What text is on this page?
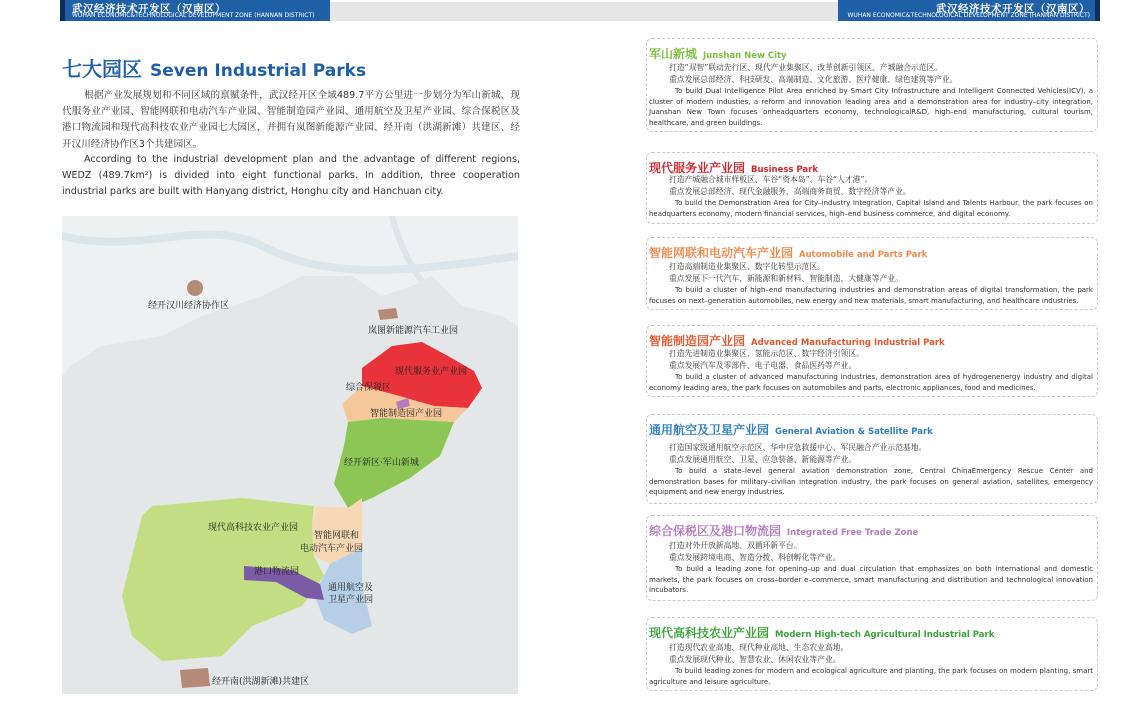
武汉经济技术开发区（汉南区）
WUHAN ECONOMIC&TECHNOLOGICAL DEVELOPMENT ZONE (HANNAN DISTRICT)
武汉经济技术开发区（汉南区）
WUHAN ECONOMIC&TECHNOLOGICAL DEVELOPMENT ZONE (HANNAN DISTRICT)
七大园区 Seven Industrial Parks
根据产业发展规划和不同区域的禀赋条件，武汉经开区全域489.7平方公里进一步划分为军山新城、现代服务业产业园、智能网联和电动汽车产业园、智能制造园产业园、通用航空及卫星产业园、综合保税区及港口物流园和现代高科技农业产业园七大园区，并拥有岚图新能源产业园、经开南（洪湖新滩）共建区、经开汉川经济协作区3个共建园区。
According to the industrial development plan and the advantage of different regions, WEDZ (489.7km²) is divided into eight functional parks. In addition, three cooperation industrial parks are built with Hanyang district, Honghu city and Hanchuan city.
经开汉川经济协作区
岚图新能源汽车工业园
现代服务业产业园
综合保税区
智能制造园产业园
经开新区·军山新城
现代高科技农业产业园
智能网联和
电动汽车产业园
港口物流园
通用航空及
卫星产业园
经开南(洪湖新滩)共建区
军山新城 Junshan New City
打造“双智”联动先行区、现代产业集聚区、改革创新引领区、产城融合示范区。
重点发展总部经济、科技研发、高端制造、文化旅游、医疗健康、绿色建筑等产业。
To build Dual Intelligence Pilot Area enriched by Smart City Infrastructure and Intelligent Connected Vehicles(ICV), a cluster of modern industies, a reform and innovation leading area and a demonstration area for industry–city integration, Juanshan New Town focuses onheadquarters economy, technologicalR&D, high–end manufacturing, cultural tourism, healthcare, and green buildings.
现代服务业产业园 Business Park
打造产城融合城市样板区、车谷“资本岛”、车谷“人才港”。
重点发展总部经济、现代金融服务、高端商务商贸、数字经济等产业。
To build the Demonstration Area for City–industry Integration, Capital Island and Talents Harbour, the park focuses on headquarters economy, modern financial services, high–end business commerce, and digital economy.
智能网联和电动汽车产业园 Automobile and Parts Park
打造高端制造业集聚区、数字化转型示范区。
重点发展下一代汽车、新能源和新材料、智能制造、大健康等产业。
To build a cluster of high–end manufacturing industries and demonstration areas of digital transformation, the park focuses on next–generation automobiles, new energy and new materials, smart manufacturing, and healthcare industries.
智能制造园产业园 Advanced Manufacturing Industrial Park
打造先进制造业集聚区、氢能示范区、数字经济引领区。
重点发展汽车及零部件、电子电器、食品医药等产业。
To build a cluster of advanced manufacturing industries, demonstration area of hydrogenenergy industry and digital economy leading area, the park focuses on automobiles and parts, electronic appliances, food and medicines.
通用航空及卫星产业园 General Aviation & Satellite Park
打造国家级通用航空示范区、华中应急救援中心、军民融合产业示范基地。
重点发展通用航空、卫星、应急装备、新能源等产业。
To build a state–level general aviation demonstration zone, Central ChinaEmergency Rescue Center and demonstration bases for military–civilian integration industry, the park focuses on general aviation, satellites, emergency equipment and new energy industries.
综合保税区及港口物流园 Integrated Free Trade Zone
打造对外开放新高地、双循环新平台。
重点发展跨境电商、智造分拨、科创孵化等产业。
To build a leading zone for opening–up and dual circulation that emphasizes on both international and domestic markets, the park focuses on cross–border e–commerce, smart manufacturing and distribution and technological innovation incubators.
现代高科技农业产业园 Modern High-tech Agricultural Industrial Park
打造现代农业高地、现代种业高地、生态农业高地。
重点发展现代种业、智慧农业、休闲农业等产业。
To build leading zones for modern and ecological agriculture and planting, the park focuses on modern planting, smart agriculture and leisure agriculture.
